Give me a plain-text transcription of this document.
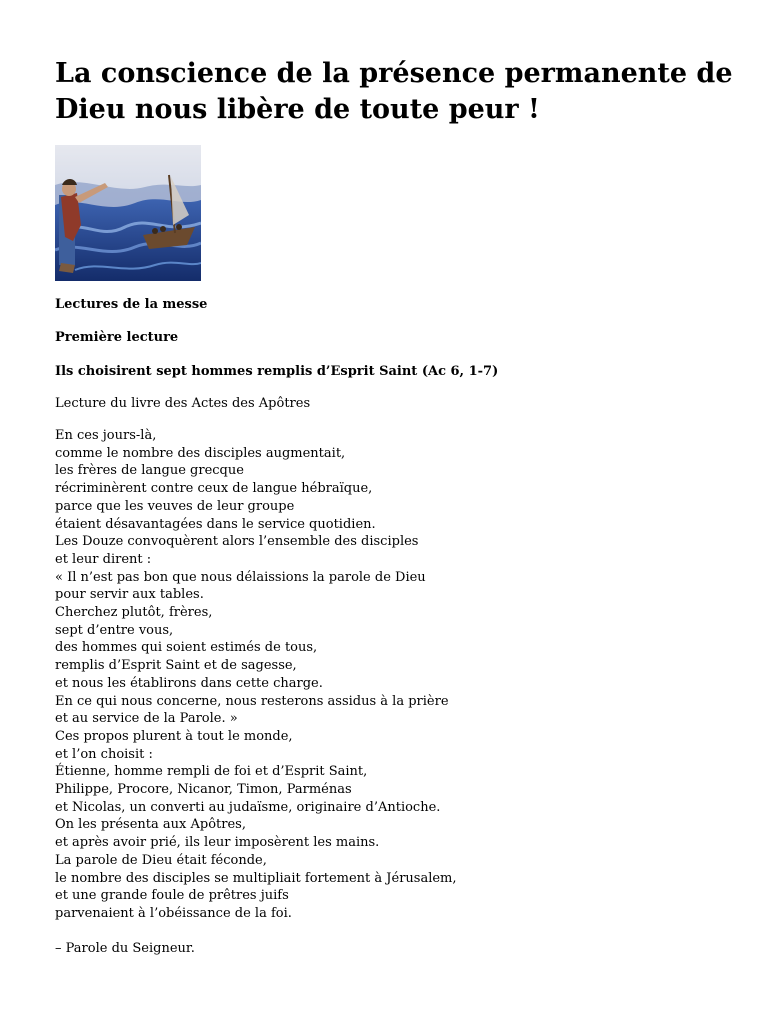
La conscience de la présence permanente de Dieu nous libère de toute peur !

Lectures de la messe

Première lecture

Ils choisirent sept hommes remplis d’Esprit Saint (Ac 6, 1-7)

Lecture du livre des Actes des Apôtres

En ces jours-là,
comme le nombre des disciples augmentait,
les frères de langue grecque
récriminèrent contre ceux de langue hébraïque,
parce que les veuves de leur groupe
étaient désavantagées dans le service quotidien.
Les Douze convoquèrent alors l’ensemble des disciples
et leur dirent :
« Il n’est pas bon que nous délaissions la parole de Dieu
pour servir aux tables.
Cherchez plutôt, frères,
sept d’entre vous,
des hommes qui soient estimés de tous,
remplis d’Esprit Saint et de sagesse,
et nous les établirons dans cette charge.
En ce qui nous concerne, nous resterons assidus à la prière
et au service de la Parole. »
Ces propos plurent à tout le monde,
et l’on choisit :
Étienne, homme rempli de foi et d’Esprit Saint,
Philippe, Procore, Nicanor, Timon, Parménas
et Nicolas, un converti au judaïsme, originaire d’Antioche.
On les présenta aux Apôtres,
et après avoir prié, ils leur imposèrent les mains.
La parole de Dieu était féconde,
le nombre des disciples se multipliait fortement à Jérusalem,
et une grande foule de prêtres juifs
parvenaient à l’obéissance de la foi.

– Parole du Seigneur.
